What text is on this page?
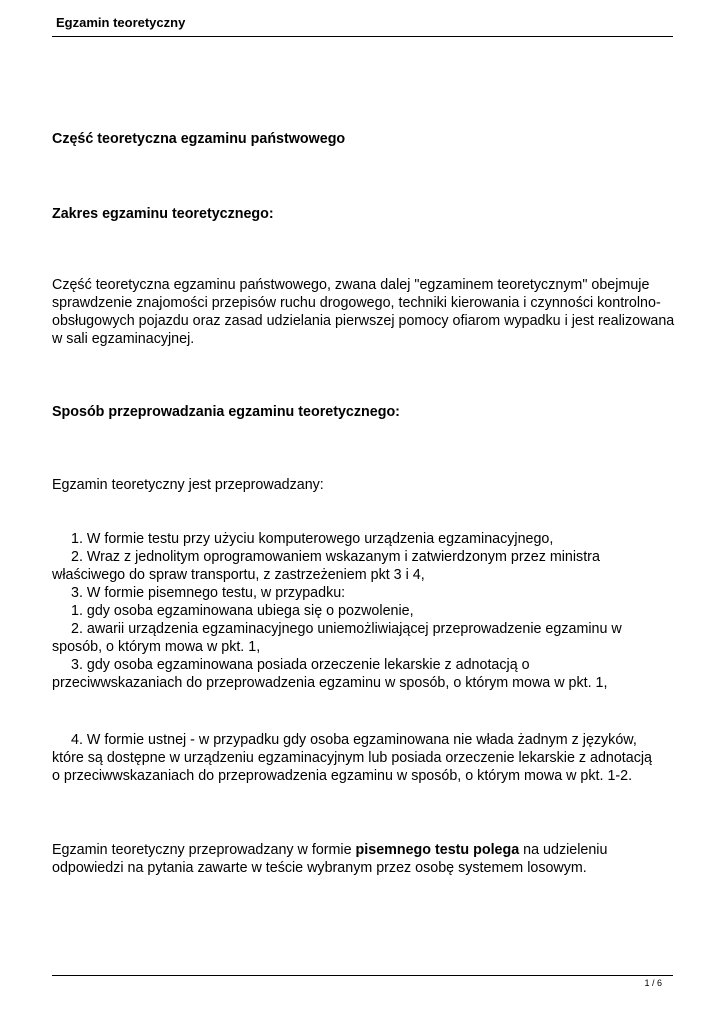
Egzamin teoretyczny

Część teoretyczna egzaminu państwowego

Zakres egzaminu teoretycznego:

Część teoretyczna egzaminu państwowego, zwana dalej "egzaminem teoretycznym" obejmuje sprawdzenie znajomości przepisów ruchu drogowego, techniki kierowania i czynności kontrolno-obsługowych pojazdu oraz zasad udzielania pierwszej pomocy ofiarom wypadku i jest realizowana w sali egzaminacyjnej.

Sposób przeprowadzania egzaminu teoretycznego:

Egzamin teoretyczny jest przeprowadzany:

1. W formie testu przy użyciu komputerowego urządzenia egzaminacyjnego,
2. Wraz z jednolitym oprogramowaniem wskazanym i zatwierdzonym przez ministra
właściwego do spraw transportu, z zastrzeżeniem pkt 3 i 4,
3. W formie pisemnego testu, w przypadku:
1. gdy osoba egzaminowana ubiega się o pozwolenie,
2. awarii urządzenia egzaminacyjnego uniemożliwiającej przeprowadzenie egzaminu w
sposób, o którym mowa w pkt. 1,
3. gdy osoba egzaminowana posiada orzeczenie lekarskie z adnotacją o
przeciwwskazaniach do przeprowadzenia egzaminu w sposób, o którym mowa w pkt. 1,
4. W formie ustnej - w przypadku gdy osoba egzaminowana nie włada żadnym z języków,
które są dostępne w urządzeniu egzaminacyjnym lub posiada orzeczenie lekarskie z adnotacją
o przeciwwskazaniach do przeprowadzenia egzaminu w sposób, o którym mowa w pkt. 1-2.

Egzamin teoretyczny przeprowadzany w formie pisemnego testu polega na udzieleniu odpowiedzi na pytania zawarte w teście wybranym przez osobę systemem losowym.

1 / 6
